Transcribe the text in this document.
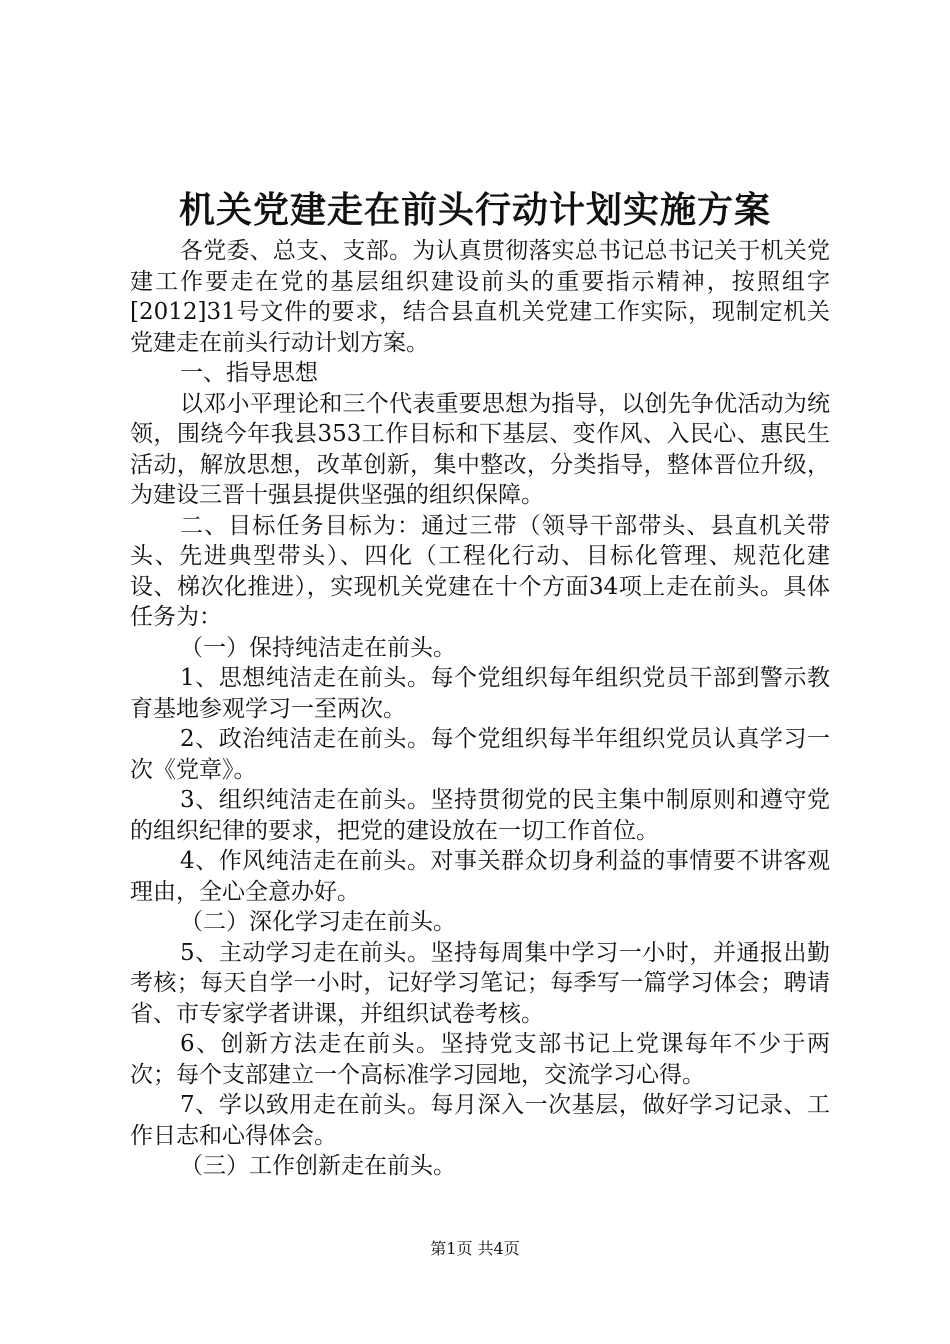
机关党建走在前头行动计划实施方案

各党委、总支、支部。为认真贯彻落实总书记总书记关于机关党建工作要走在党的基层组织建设前头的重要指示精神，按照组字[2012]31号文件的要求，结合县直机关党建工作实际，现制定机关党建走在前头行动计划方案。

一、指导思想

以邓小平理论和三个代表重要思想为指导，以创先争优活动为统领，围绕今年我县353工作目标和下基层、变作风、入民心、惠民生活动，解放思想，改革创新，集中整改，分类指导，整体晋位升级，为建设三晋十强县提供坚强的组织保障。

二、目标任务目标为：通过三带（领导干部带头、县直机关带头、先进典型带头）、四化（工程化行动、目标化管理、规范化建设、梯次化推进），实现机关党建在十个方面34项上走在前头。具体任务为：

（一）保持纯洁走在前头。

1、思想纯洁走在前头。每个党组织每年组织党员干部到警示教育基地参观学习一至两次。

2、政治纯洁走在前头。每个党组织每半年组织党员认真学习一次《党章》。

3、组织纯洁走在前头。坚持贯彻党的民主集中制原则和遵守党的组织纪律的要求，把党的建设放在一切工作首位。

4、作风纯洁走在前头。对事关群众切身利益的事情要不讲客观理由，全心全意办好。

（二）深化学习走在前头。

5、主动学习走在前头。坚持每周集中学习一小时，并通报出勤考核；每天自学一小时，记好学习笔记；每季写一篇学习体会；聘请省、市专家学者讲课，并组织试卷考核。

6、创新方法走在前头。坚持党支部书记上党课每年不少于两次；每个支部建立一个高标准学习园地，交流学习心得。

7、学以致用走在前头。每月深入一次基层，做好学习记录、工作日志和心得体会。

（三）工作创新走在前头。

第1页 共4页
